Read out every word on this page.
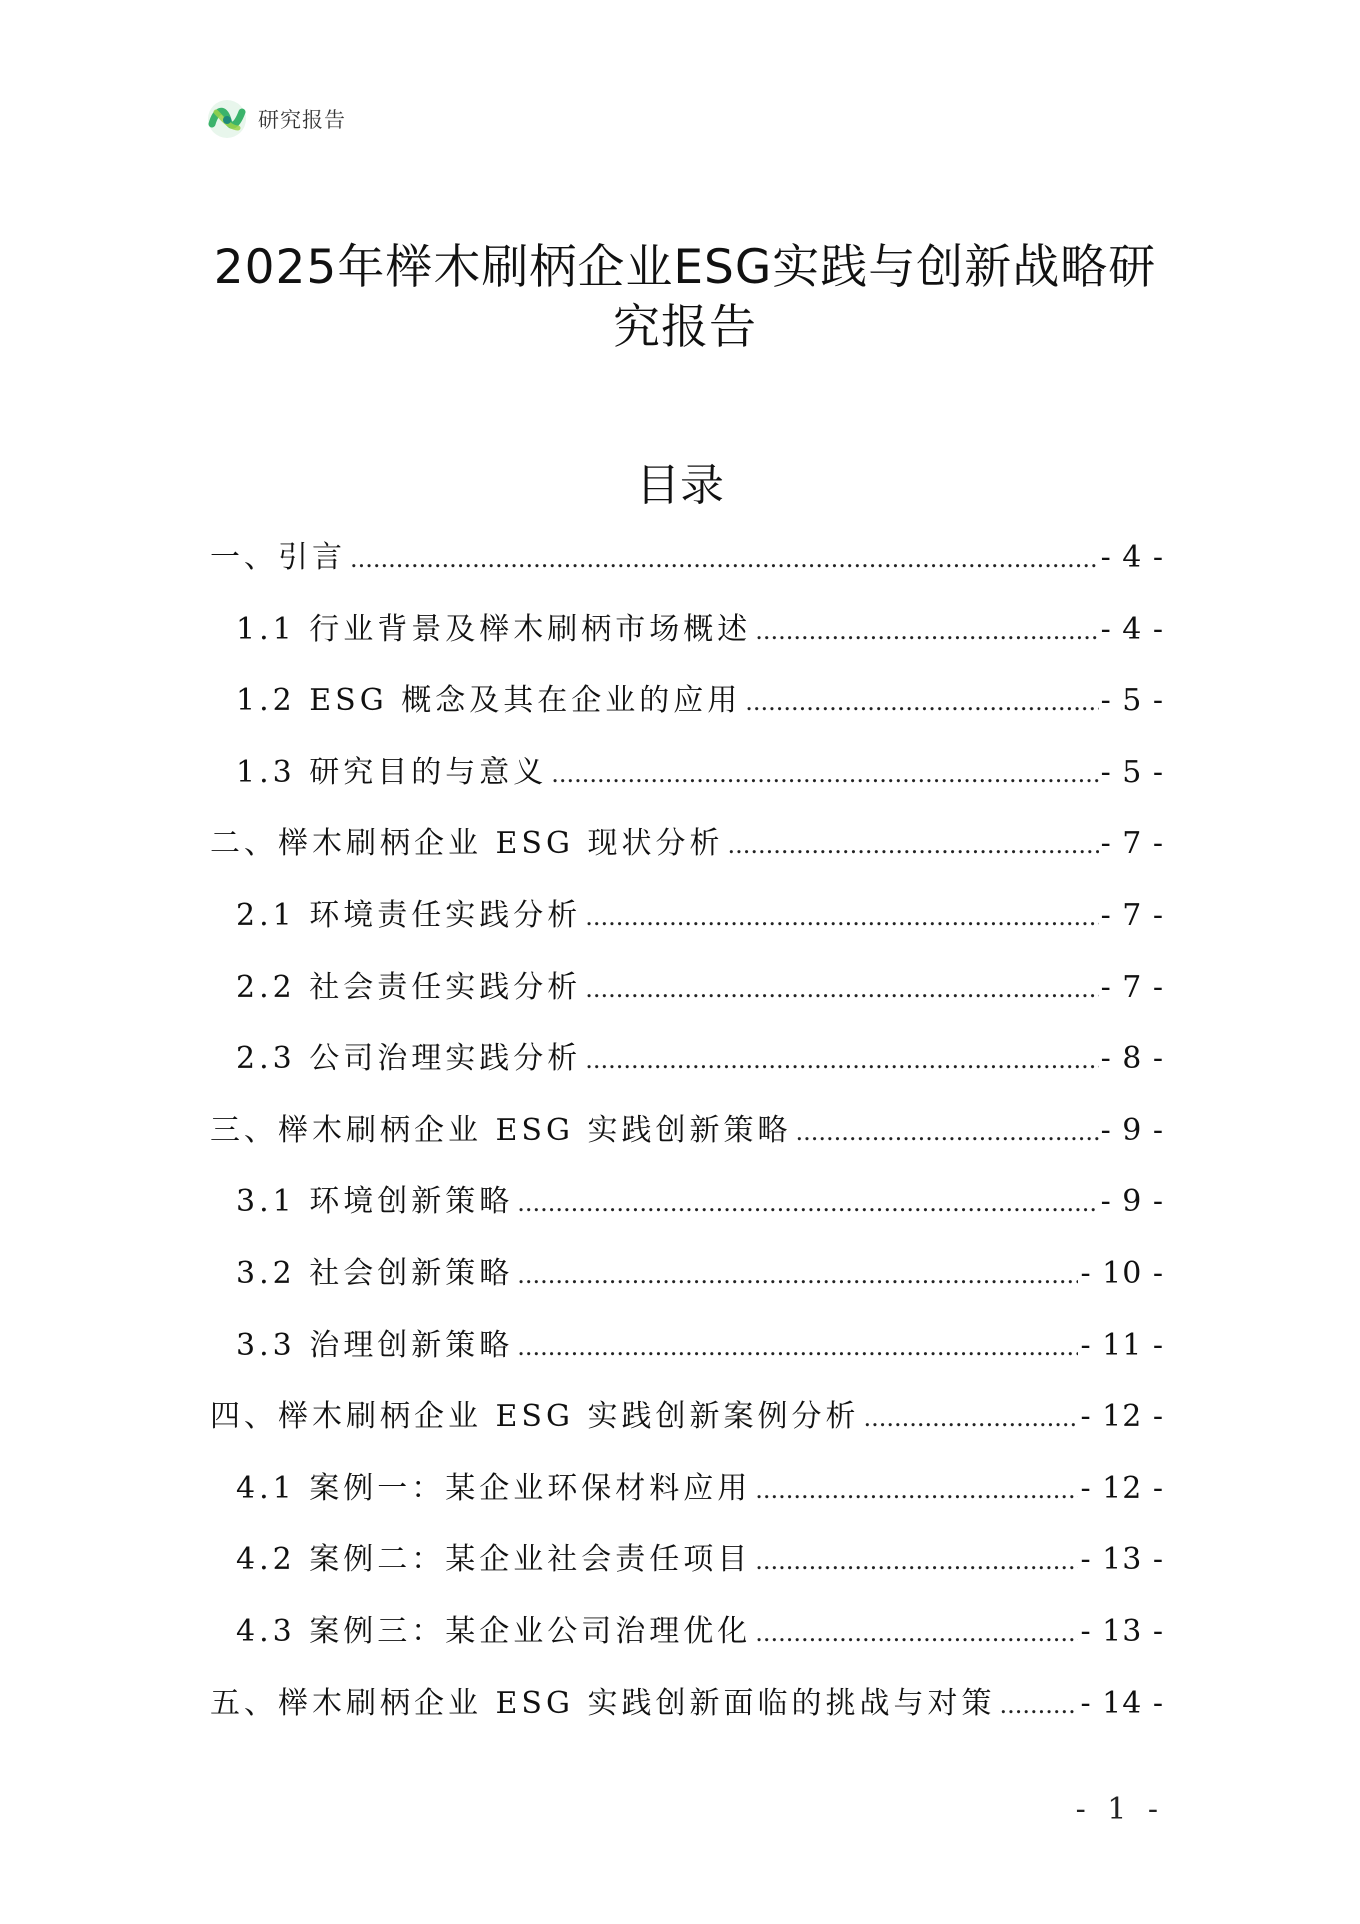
研究报告
2025年榉木刷柄企业ESG实践与创新战略研
究报告
目录
一、引言 .....	- 4 -
1.1 行业背景及榉木刷柄市场概述 .....	- 4 -
1.2 ESG 概念及其在企业的应用 .....	- 5 -
1.3 研究目的与意义 .....	- 5 -
二、榉木刷柄企业 ESG 现状分析 .....	- 7 -
2.1 环境责任实践分析 .....	- 7 -
2.2 社会责任实践分析 .....	- 7 -
2.3 公司治理实践分析 .....	- 8 -
三、榉木刷柄企业 ESG 实践创新策略 .....	- 9 -
3.1 环境创新策略 .....	- 9 -
3.2 社会创新策略 .....	- 10 -
3.3 治理创新策略 .....	- 11 -
四、榉木刷柄企业 ESG 实践创新案例分析 .....	- 12 -
4.1 案例一：某企业环保材料应用 .....	- 12 -
4.2 案例二：某企业社会责任项目 .....	- 13 -
4.3 案例三：某企业公司治理优化 .....	- 13 -
五、榉木刷柄企业 ESG 实践创新面临的挑战与对策 .....	- 14 -
- 1 -
